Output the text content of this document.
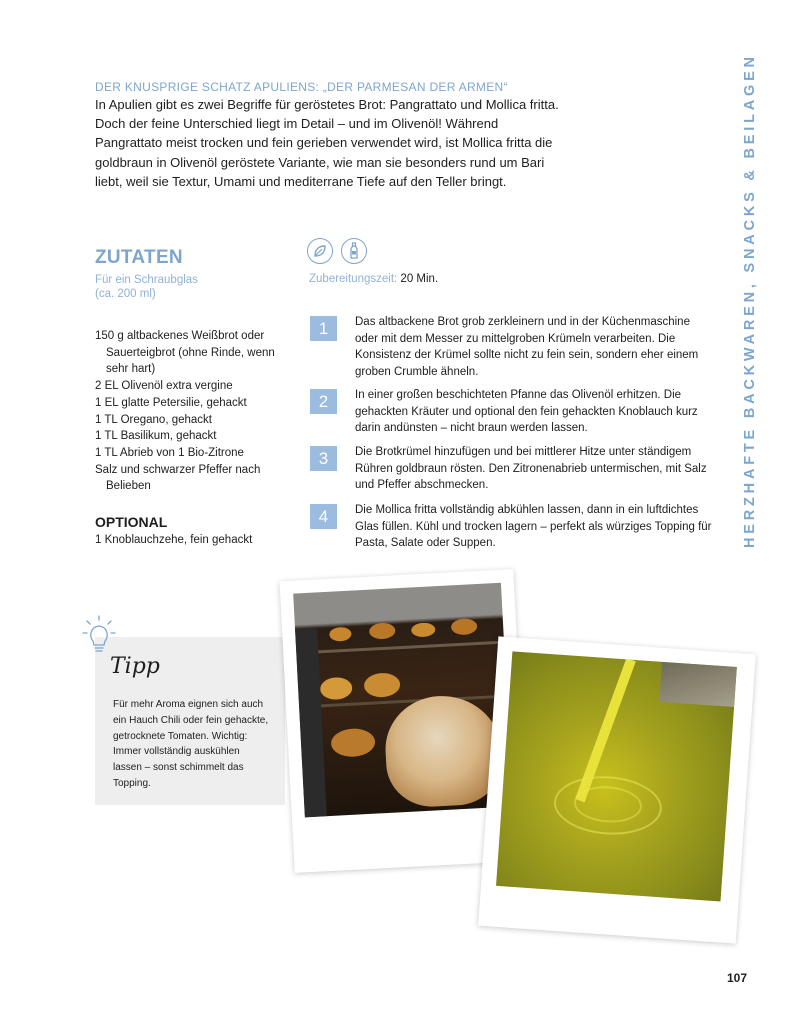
HERZHAFTE BACKWAREN, SNACKS & BEILAGEN
DER KNUSPRIGE SCHATZ APULIENS: „DER PARMESAN DER ARMEN“
In Apulien gibt es zwei Begriffe für geröstetes Brot: Pangrattato und Mollica fritta. Doch der feine Unterschied liegt im Detail – und im Olivenöl! Während Pangrattato meist trocken und fein gerieben verwendet wird, ist Mollica fritta die goldbraun in Olivenöl geröstete Variante, wie man sie besonders rund um Bari liebt, weil sie Textur, Umami und mediterrane Tiefe auf den Teller bringt.
ZUTATEN
Für ein Schraubglas
(ca. 200 ml)
150 g altbackenes Weißbrot oder Sauerteigbrot (ohne Rinde, wenn sehr hart)
2 EL Olivenöl extra vergine
1 EL glatte Petersilie, gehackt
1 TL Oregano, gehackt
1 TL Basilikum, gehackt
1 TL Abrieb von 1 Bio-Zitrone
Salz und schwarzer Pfeffer nach Belieben
OPTIONAL
1 Knoblauchzehe, fein gehackt
Zubereitungszeit: 20 Min.
1	Das altbackene Brot grob zerkleinern und in der Küchenmaschine oder mit dem Messer zu mittelgroben Krümeln verarbeiten. Die Konsistenz der Krümel sollte nicht zu fein sein, sondern eher einem groben Crumble ähneln.
2	In einer großen beschichteten Pfanne das Olivenöl erhitzen. Die gehackten Kräuter und optional den fein gehackten Knoblauch kurz darin andünsten – nicht braun werden lassen.
3	Die Brotkrümel hinzufügen und bei mittlerer Hitze unter ständigem Rühren goldbraun rösten. Den Zitronenabrieb untermischen, mit Salz und Pfeffer abschmecken.
4	Die Mollica fritta vollständig abkühlen lassen, dann in ein luftdichtes Glas füllen. Kühl und trocken lagern – perfekt als würziges Topping für Pasta, Salate oder Suppen.
Tipp
Für mehr Aroma eignen sich auch ein Hauch Chili oder fein gehackte, getrocknete Tomaten. Wichtig: Immer vollständig auskühlen lassen – sonst schimmelt das Topping.
107
